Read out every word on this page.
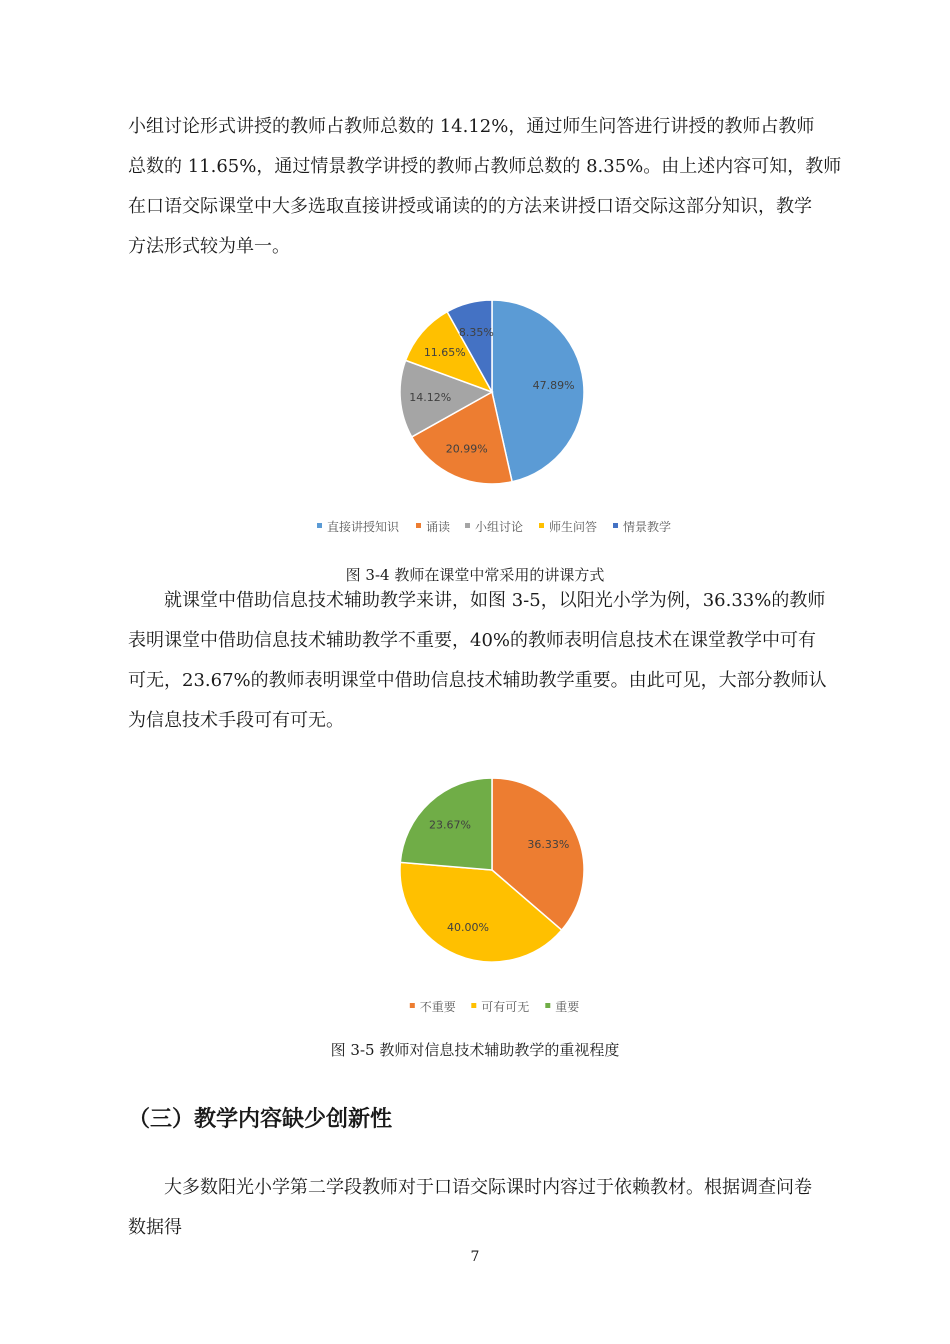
小组讨论形式讲授的教师占教师总数的 14.12%，通过师生问答进行讲授的教师占教师
总数的 11.65%，通过情景教学讲授的教师占教师总数的 8.35%。由上述内容可知，教师
在口语交际课堂中大多选取直接讲授或诵读的的方法来讲授口语交际这部分知识，教学
方法形式较为单一。
47.89%
20.99%
14.12%
11.65%
8.35%
直接讲授知识 诵读 小组讨论 师生问答 情景教学
图 3-4 教师在课堂中常采用的讲课方式
　　就课堂中借助信息技术辅助教学来讲，如图 3-5，以阳光小学为例，36.33%的教师
表明课堂中借助信息技术辅助教学不重要，40%的教师表明信息技术在课堂教学中可有
可无，23.67%的教师表明课堂中借助信息技术辅助教学重要。由此可见，大部分教师认
为信息技术手段可有可无。
36.33%
40.00%
23.67%
不重要 可有可无 重要
图 3-5 教师对信息技术辅助教学的重视程度
（三）教学内容缺少创新性
　　大多数阳光小学第二学段教师对于口语交际课时内容过于依赖教材。根据调查问卷
数据得
7
